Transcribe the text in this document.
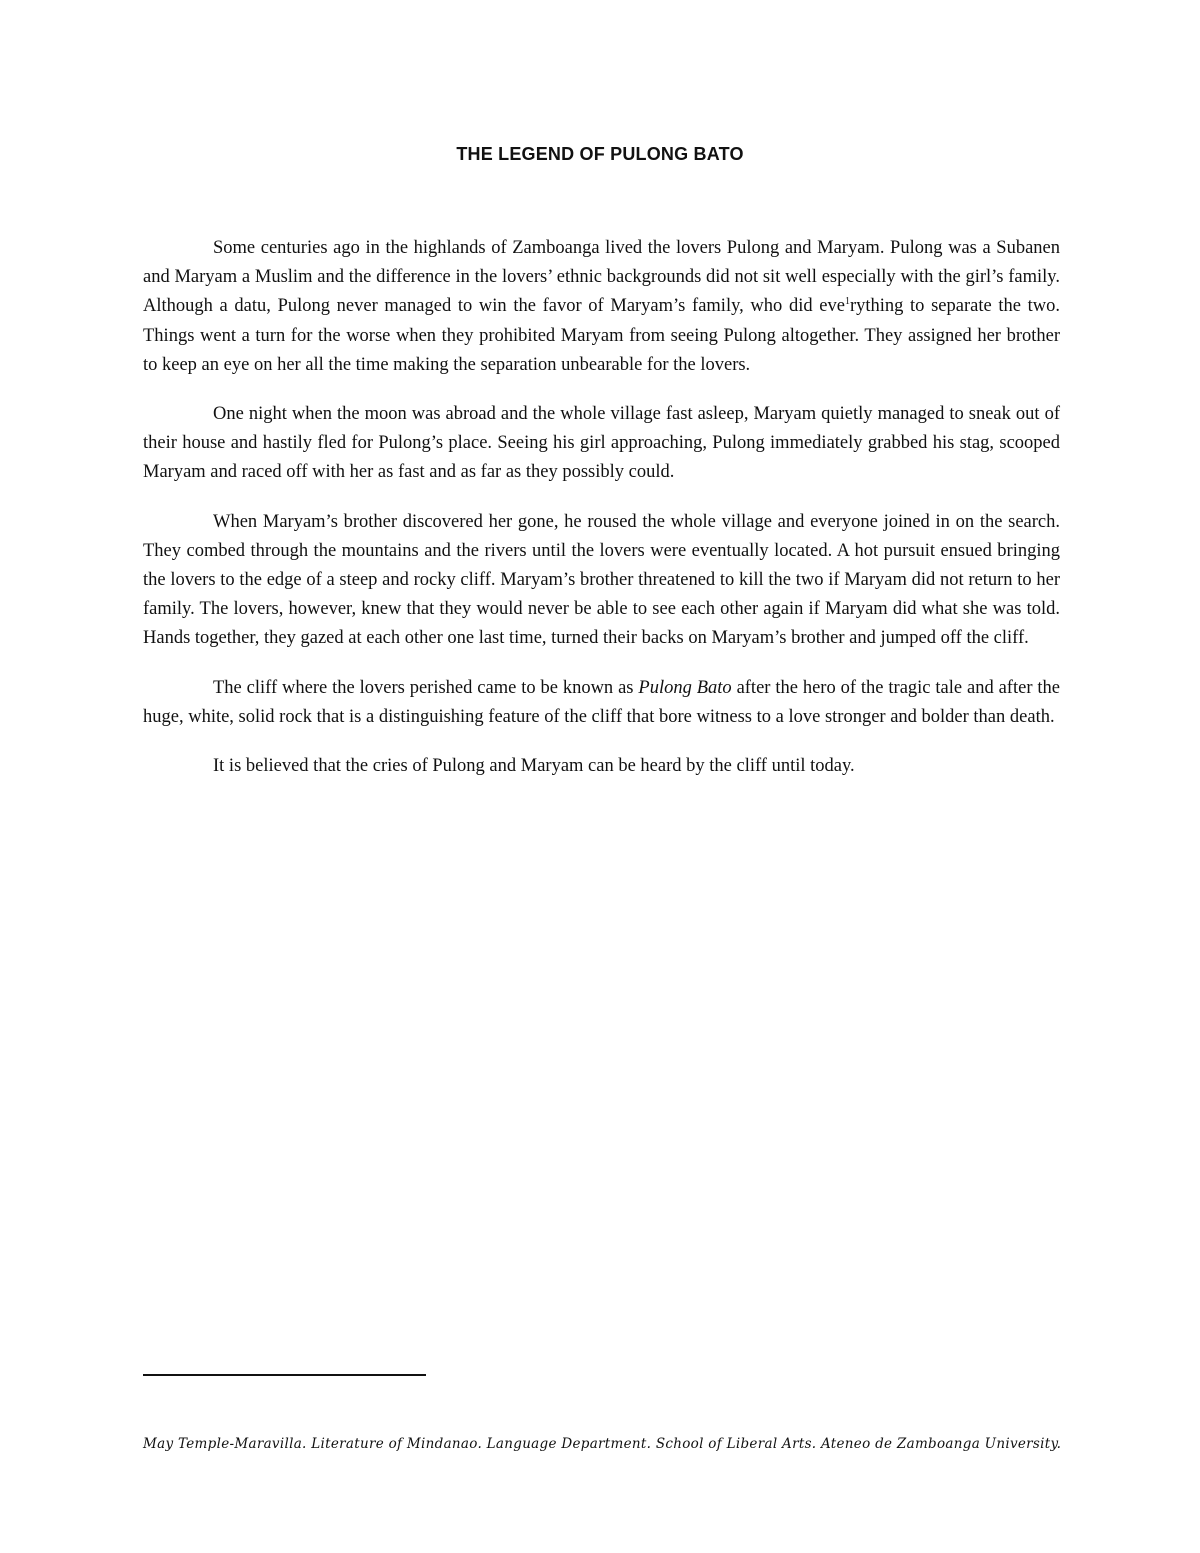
THE LEGEND OF PULONG BATO

Some centuries ago in the highlands of Zamboanga lived the lovers Pulong and Maryam. Pulong was a Subanen and Maryam a Muslim and the difference in the lovers’ ethnic backgrounds did not sit well especially with the girl’s family. Although a datu, Pulong never managed to win the favor of Maryam’s family, who did eve$^1$rything to separate the two. Things went a turn for the worse when they prohibited Maryam from seeing Pulong altogether. They assigned her brother to keep an eye on her all the time making the separation unbearable for the lovers.

One night when the moon was abroad and the whole village fast asleep, Maryam quietly managed to sneak out of their house and hastily fled for Pulong’s place. Seeing his girl approaching, Pulong immediately grabbed his stag, scooped Maryam and raced off with her as fast and as far as they possibly could.

When Maryam’s brother discovered her gone, he roused the whole village and everyone joined in on the search. They combed through the mountains and the rivers until the lovers were eventually located. A hot pursuit ensued bringing the lovers to the edge of a steep and rocky cliff. Maryam’s brother threatened to kill the two if Maryam did not return to her family. The lovers, however, knew that they would never be able to see each other again if Maryam did what she was told. Hands together, they gazed at each other one last time, turned their backs on Maryam’s brother and jumped off the cliff.

The cliff where the lovers perished came to be known as Pulong Bato after the hero of the tragic tale and after the huge, white, solid rock that is a distinguishing feature of the cliff that bore witness to a love stronger and bolder than death.

It is believed that the cries of Pulong and Maryam can be heard by the cliff until today.

May Temple-Maravilla. Literature of Mindanao. Language Department. School of Liberal Arts. Ateneo de Zamboanga University.
